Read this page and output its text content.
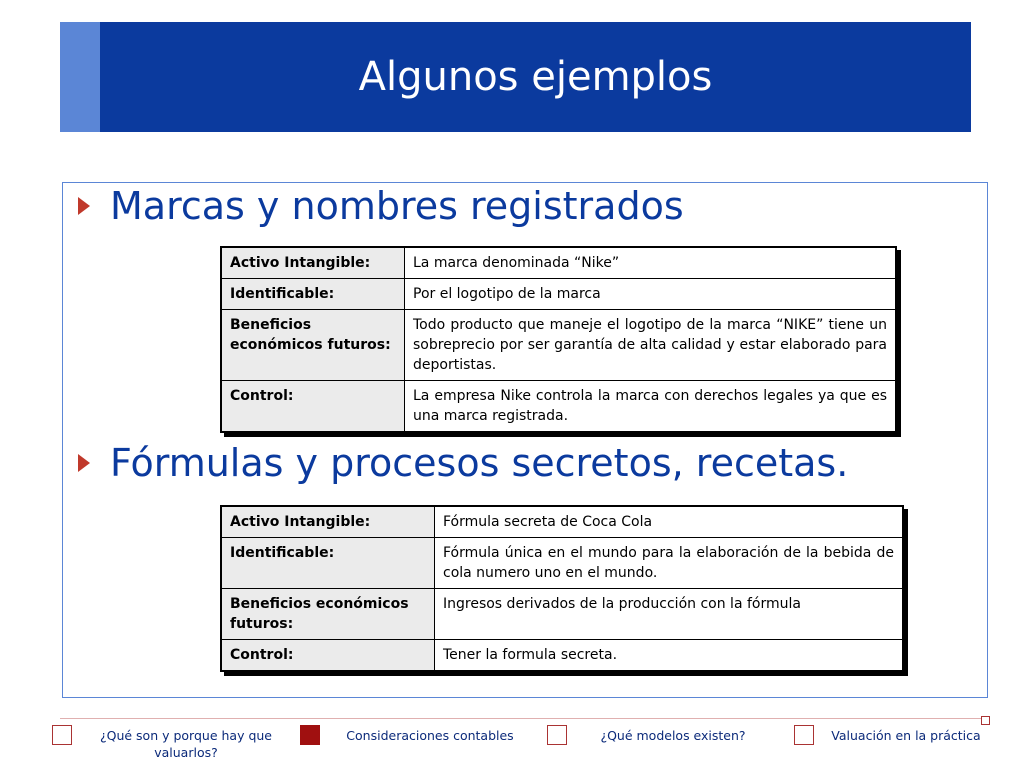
Algunos ejemplos
Marcas y nombres registrados
Activo Intangible:	La marca denominada “Nike”
Identificable:	Por el logotipo de la marca
Beneficios económicos futuros:	Todo producto que maneje el logotipo de la marca “NIKE” tiene un sobreprecio por ser garantía de alta calidad y estar elaborado para deportistas.
Control:	La empresa Nike controla la marca con derechos legales ya que es una marca registrada.
Fórmulas y procesos secretos, recetas.
Activo Intangible:	Fórmula secreta de Coca Cola
Identificable:	Fórmula única en el mundo para la elaboración de la bebida de cola numero uno en el mundo.
Beneficios económicos futuros:	Ingresos derivados de la producción con la fórmula
Control:	Tener la formula secreta.
¿Qué son y porque hay que valuarlos?
Consideraciones contables	¿Qué modelos existen?	Valuación en la práctica
